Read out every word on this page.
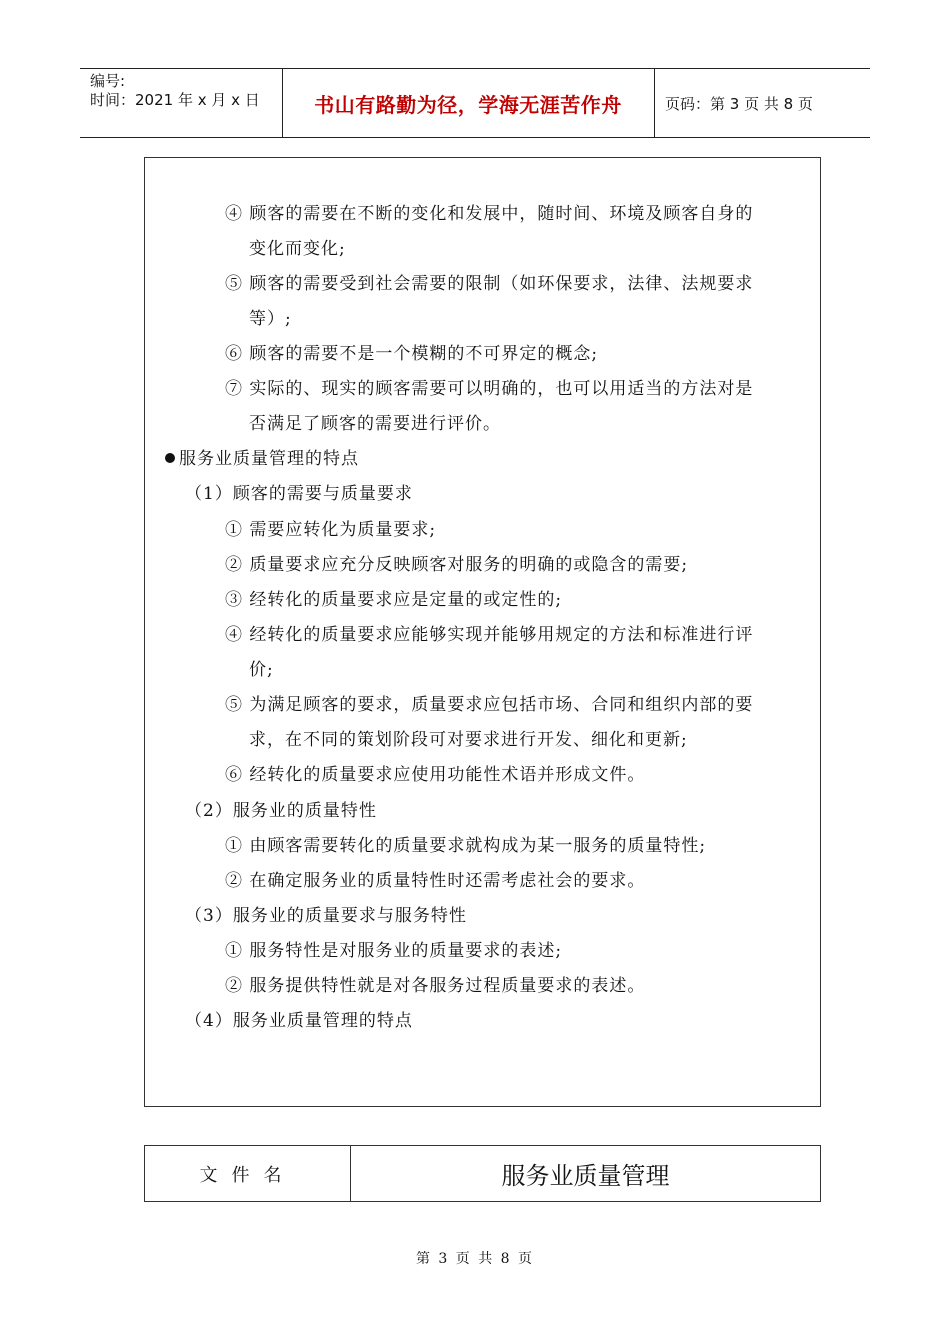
编号:
时间：2021 年 x 月 x 日	书山有路勤为径，学海无涯苦作舟	页码：第 3 页 共 8 页
④ 顾客的需要在不断的变化和发展中，随时间、环境及顾客自身的
变化而变化;
⑤ 顾客的需要受到社会需要的限制（如环保要求，法律、法规要求
等）;
⑥ 顾客的需要不是一个模糊的不可界定的概念;
⑦ 实际的、现实的顾客需要可以明确的，也可以用适当的方法对是
否满足了顾客的需要进行评价。
服务业质量管理的特点
（1）顾客的需要与质量要求
① 需要应转化为质量要求;
② 质量要求应充分反映顾客对服务的明确的或隐含的需要;
③ 经转化的质量要求应是定量的或定性的;
④ 经转化的质量要求应能够实现并能够用规定的方法和标准进行评
价;
⑤ 为满足顾客的要求，质量要求应包括市场、合同和组织内部的要
求，在不同的策划阶段可对要求进行开发、细化和更新;
⑥ 经转化的质量要求应使用功能性术语并形成文件。
（2）服务业的质量特性
① 由顾客需要转化的质量要求就构成为某一服务的质量特性;
② 在确定服务业的质量特性时还需考虑社会的要求。
（3）服务业的质量要求与服务特性
① 服务特性是对服务业的质量要求的表述;
② 服务提供特性就是对各服务过程质量要求的表述。
（4）服务业质量管理的特点
文件名	服务业质量管理
第 3 页 共 8 页
